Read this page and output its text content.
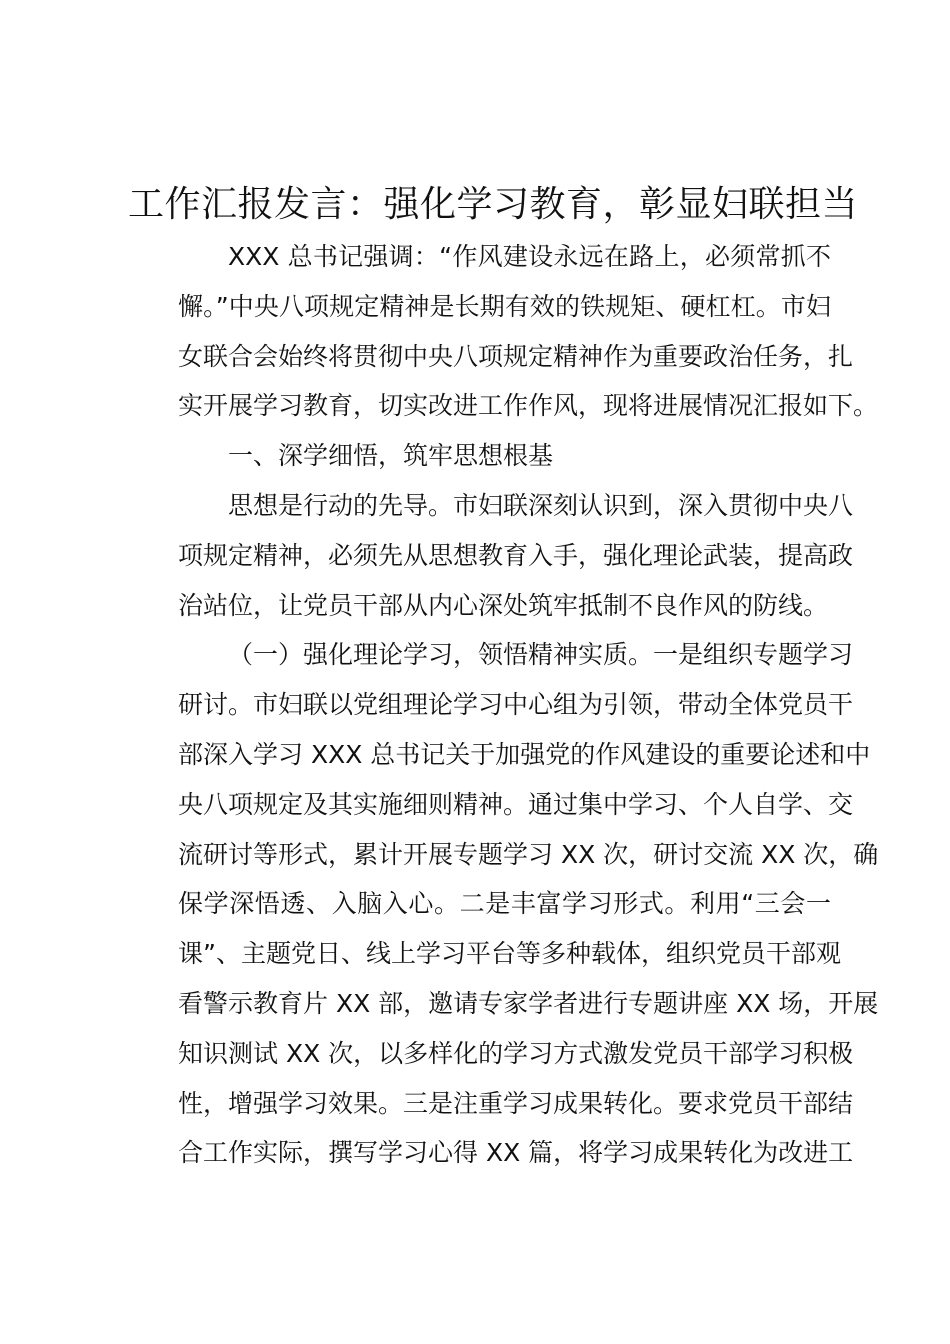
工作汇报发言：强化学习教育，彰显妇联担当
XXX 总书记强调：“作风建设永远在路上，必须常抓不
懈。”中央八项规定精神是长期有效的铁规矩、硬杠杠。市妇
女联合会始终将贯彻中央八项规定精神作为重要政治任务，扎
实开展学习教育，切实改进工作作风，现将进展情况汇报如下。
一、深学细悟，筑牢思想根基
思想是行动的先导。市妇联深刻认识到，深入贯彻中央八
项规定精神，必须先从思想教育入手，强化理论武装，提高政
治站位，让党员干部从内心深处筑牢抵制不良作风的防线。
（一）强化理论学习，领悟精神实质。一是组织专题学习
研讨。市妇联以党组理论学习中心组为引领，带动全体党员干
部深入学习 XXX 总书记关于加强党的作风建设的重要论述和中
央八项规定及其实施细则精神。通过集中学习、个人自学、交
流研讨等形式，累计开展专题学习 XX 次，研讨交流 XX 次，确
保学深悟透、入脑入心。二是丰富学习形式。利用“三会一
课”、主题党日、线上学习平台等多种载体，组织党员干部观
看警示教育片 XX 部，邀请专家学者进行专题讲座 XX 场，开展
知识测试 XX 次，以多样化的学习方式激发党员干部学习积极
性，增强学习效果。三是注重学习成果转化。要求党员干部结
合工作实际，撰写学习心得 XX 篇，将学习成果转化为改进工
